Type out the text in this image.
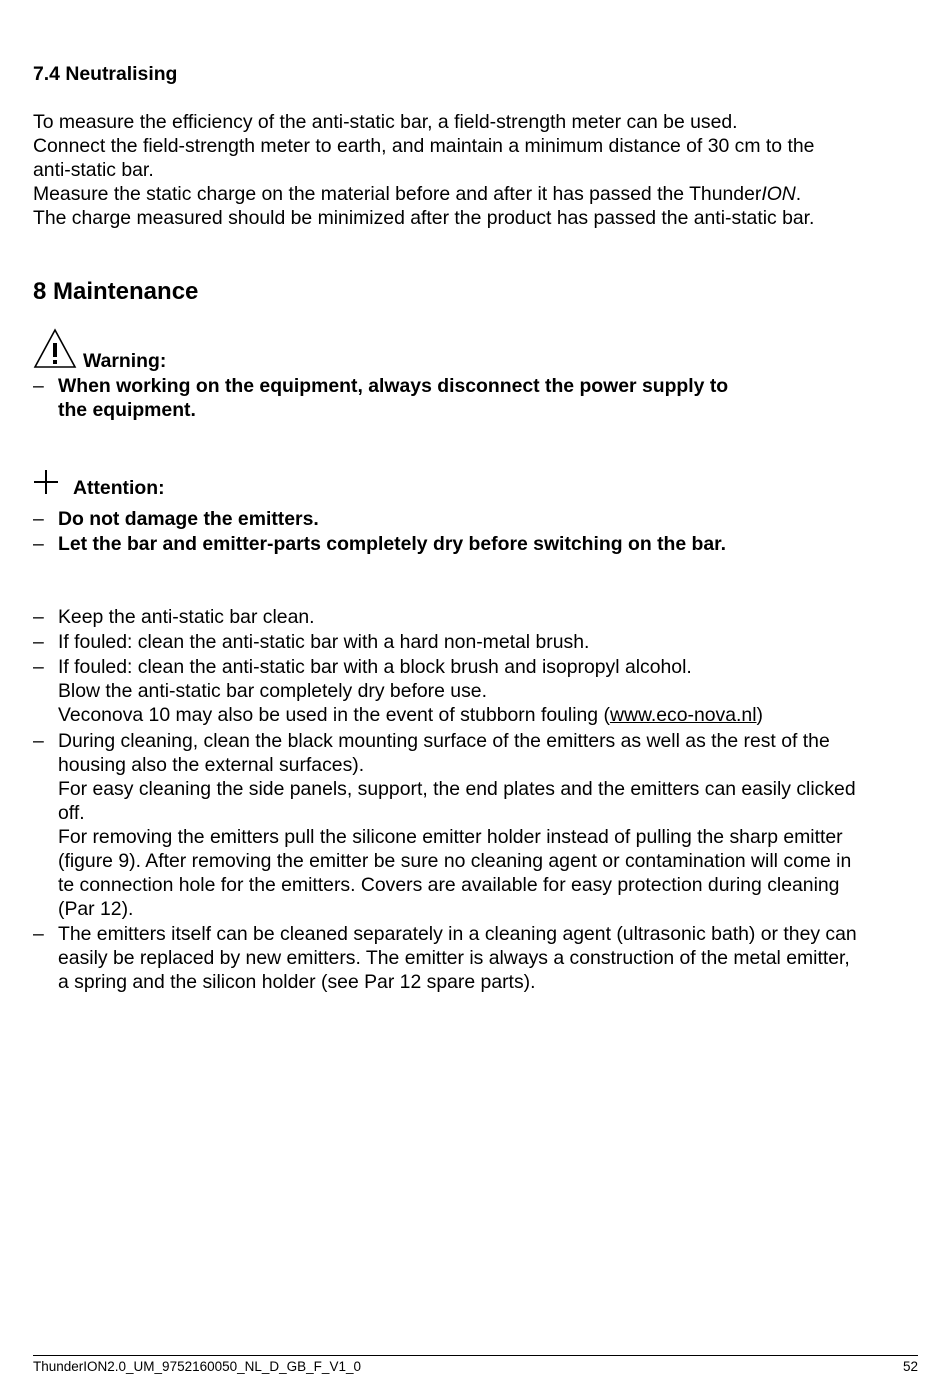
7.4 Neutralising
To measure the efficiency of the anti-static bar, a field-strength meter can be used.
Connect the field-strength meter to earth, and maintain a minimum distance of 30 cm to the
anti-static bar.
Measure the static charge on the material before and after it has passed the ThunderION.
The charge measured should be minimized after the product has passed the anti-static bar.
8 Maintenance
Warning:
– When working on the equipment, always disconnect the power supply to
the equipment.
Attention:
– Do not damage the emitters.
– Let the bar and emitter-parts completely dry before switching on the bar.
– Keep the anti-static bar clean.
– If fouled: clean the anti-static bar with a hard non-metal brush.
– If fouled: clean the anti-static bar with a block brush and isopropyl alcohol.
Blow the anti-static bar completely dry before use.
Veconova 10 may also be used in the event of stubborn fouling (www.eco-nova.nl)
– During cleaning, clean the black mounting surface of the emitters as well as the rest of the
housing also the external surfaces).
For easy cleaning the side panels, support, the end plates and the emitters can easily clicked
off.
For removing the emitters pull the silicone emitter holder instead of pulling the sharp emitter
(figure 9). After removing the emitter be sure no cleaning agent or contamination will come in
te connection hole for the emitters. Covers are available for easy protection during cleaning
(Par 12).
– The emitters itself can be cleaned separately in a cleaning agent (ultrasonic bath) or they can
easily be replaced by new emitters. The emitter is always a construction of the metal emitter,
a spring and the silicon holder (see Par 12 spare parts).
ThunderION2.0_UM_9752160050_NL_D_GB_F_V1_0	52
